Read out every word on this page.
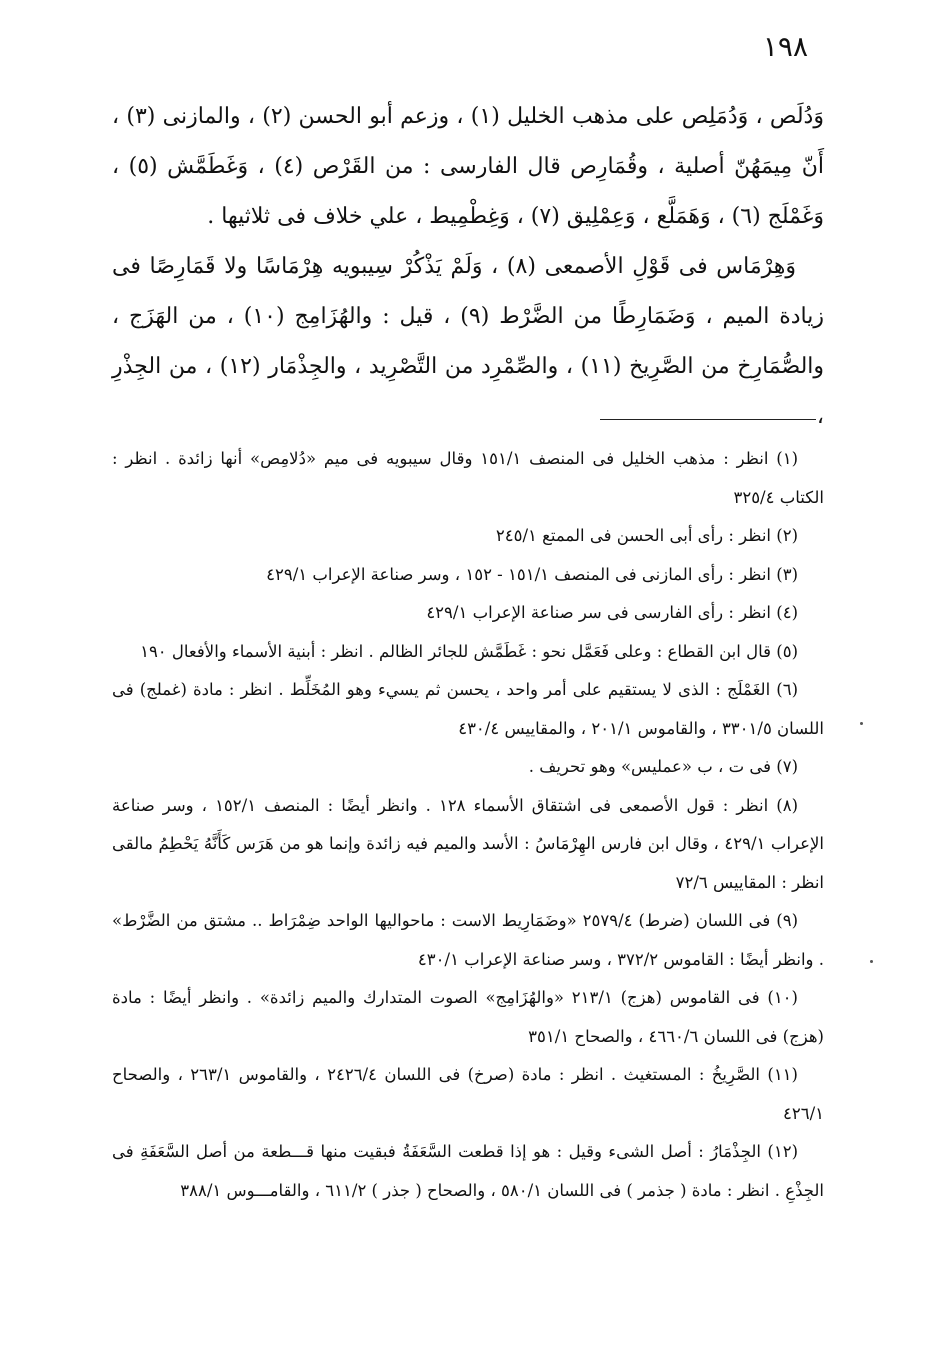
١٩٨

وَدُلَص ، وَدُمَلِص على مذهب الخليل (١) ، وزعم أبو الحسن (٢) ، والمازنى (٣) ، أَنّ مِيمَهُنّ أصلية ، وقُمَارِص قال الفارسى : من القَرْص (٤) ، وَغَطَمَّش (٥) ، وَغَمْلَج (٦) ، وَهَمَلَّع ، وَعِمْلِيق (٧) ، وَغِطْمِيط ، علي خلاف فى ثلاثيها .

وَهِرْمَاس فى قَوْلِ الأصمعى (٨) ، وَلَمْ يَذْكُرْ سِيبويه هِرْمَاسًا ولا قَمَارِصًا فى زيادة الميم ، وَضَمَارِطًا من الضَّرْط (٩) ، قيل : والهُزَامِج (١٠) ، من الهَزَج ، والصُّمَارِخ من الصَّرِيخ (١١) ، والصِّمْرِد من التَّصْرِيد ، والجِذْمَار (١٢) ، من الجِذْرِ ،

(١) انظر : مذهب الخليل فى المنصف ١٥١/١ وقال سيبويه فى ميم «دُلامِص» أنها زائدة . انظر : الكتاب ٣٢٥/٤

(٢) انظر : رأى أبى الحسن فى الممتع ٢٤٥/١

(٣) انظر : رأى المازنى فى المنصف ١٥١/١ - ١٥٢ ، وسر صناعة الإعراب ٤٢٩/١

(٤) انظر : رأى الفارسى فى سر صناعة الإعراب ٤٢٩/١

(٥) قال ابن القطاع : وعلى فَعَمَّل نحو : غَطَمَّش للجائر الظالم . انظر : أبنية الأسماء والأفعال ١٩٠

(٦) الغَمْلَج : الذى لا يستقيم على أمر واحد ، يحسن ثم يسيء وهو المُخَلِّط . انظر : مادة (غملج) فى اللسان ٣٣٠١/٥ ، والقاموس ٢٠١/١ ، والمقاييس ٤٣٠/٤

(٧) فى ت ، ب «عمليس» وهو تحريف .

(٨) انظر : قول الأصمعى فى اشتقاق الأسماء ١٢٨ . وانظر أيضًا : المنصف ١٥٢/١ ، وسر صناعة الإعراب ٤٢٩/١ ، وقال ابن فارس الهِرْمَاسُ : الأسد والميم فيه زائدة وإنما هو من هَرَس كَأَنَّهُ يَحْطِمُ مالقى انظر : المقاييس ٧٢/٦

(٩) فى اللسان (ضرط) ٢٥٧٩/٤ «وضَمَارِيط الاست : ماحواليها الواحد ضِمْرَاط .. مشتق من الضَّرْط» . وانظر أيضًا : القاموس ٣٧٢/٢ ، وسر صناعة الإعراب ٤٣٠/١

(١٠) فى القاموس (هزج) ٢١٣/١ «والهُزَامِج» الصوت المتدارك والميم زائدة» . وانظر أيضًا : مادة (هزج) فى اللسان ٤٦٦٠/٦ ، والصحاح ٣٥١/١

(١١) الصَّرِيخُ : المستغيث . انظر : مادة (صرخ) فى اللسان ٢٤٢٦/٤ ، والقاموس ٢٦٣/١ ، والصحاح ٤٢٦/١

(١٢) الجِذْمَارُ : أصل الشىء وقيل : هو إذا قطعت السَّعَفَةُ فبقيت منها قـــطعة من أصل السَّعَفَةِ فى الجِذْعِ . انظر : مادة ( جذمر ) فى اللسان ٥٨٠/١ ، والصحاح ( جذر ) ٦١١/٢ ، والقامـــوس ٣٨٨/١
